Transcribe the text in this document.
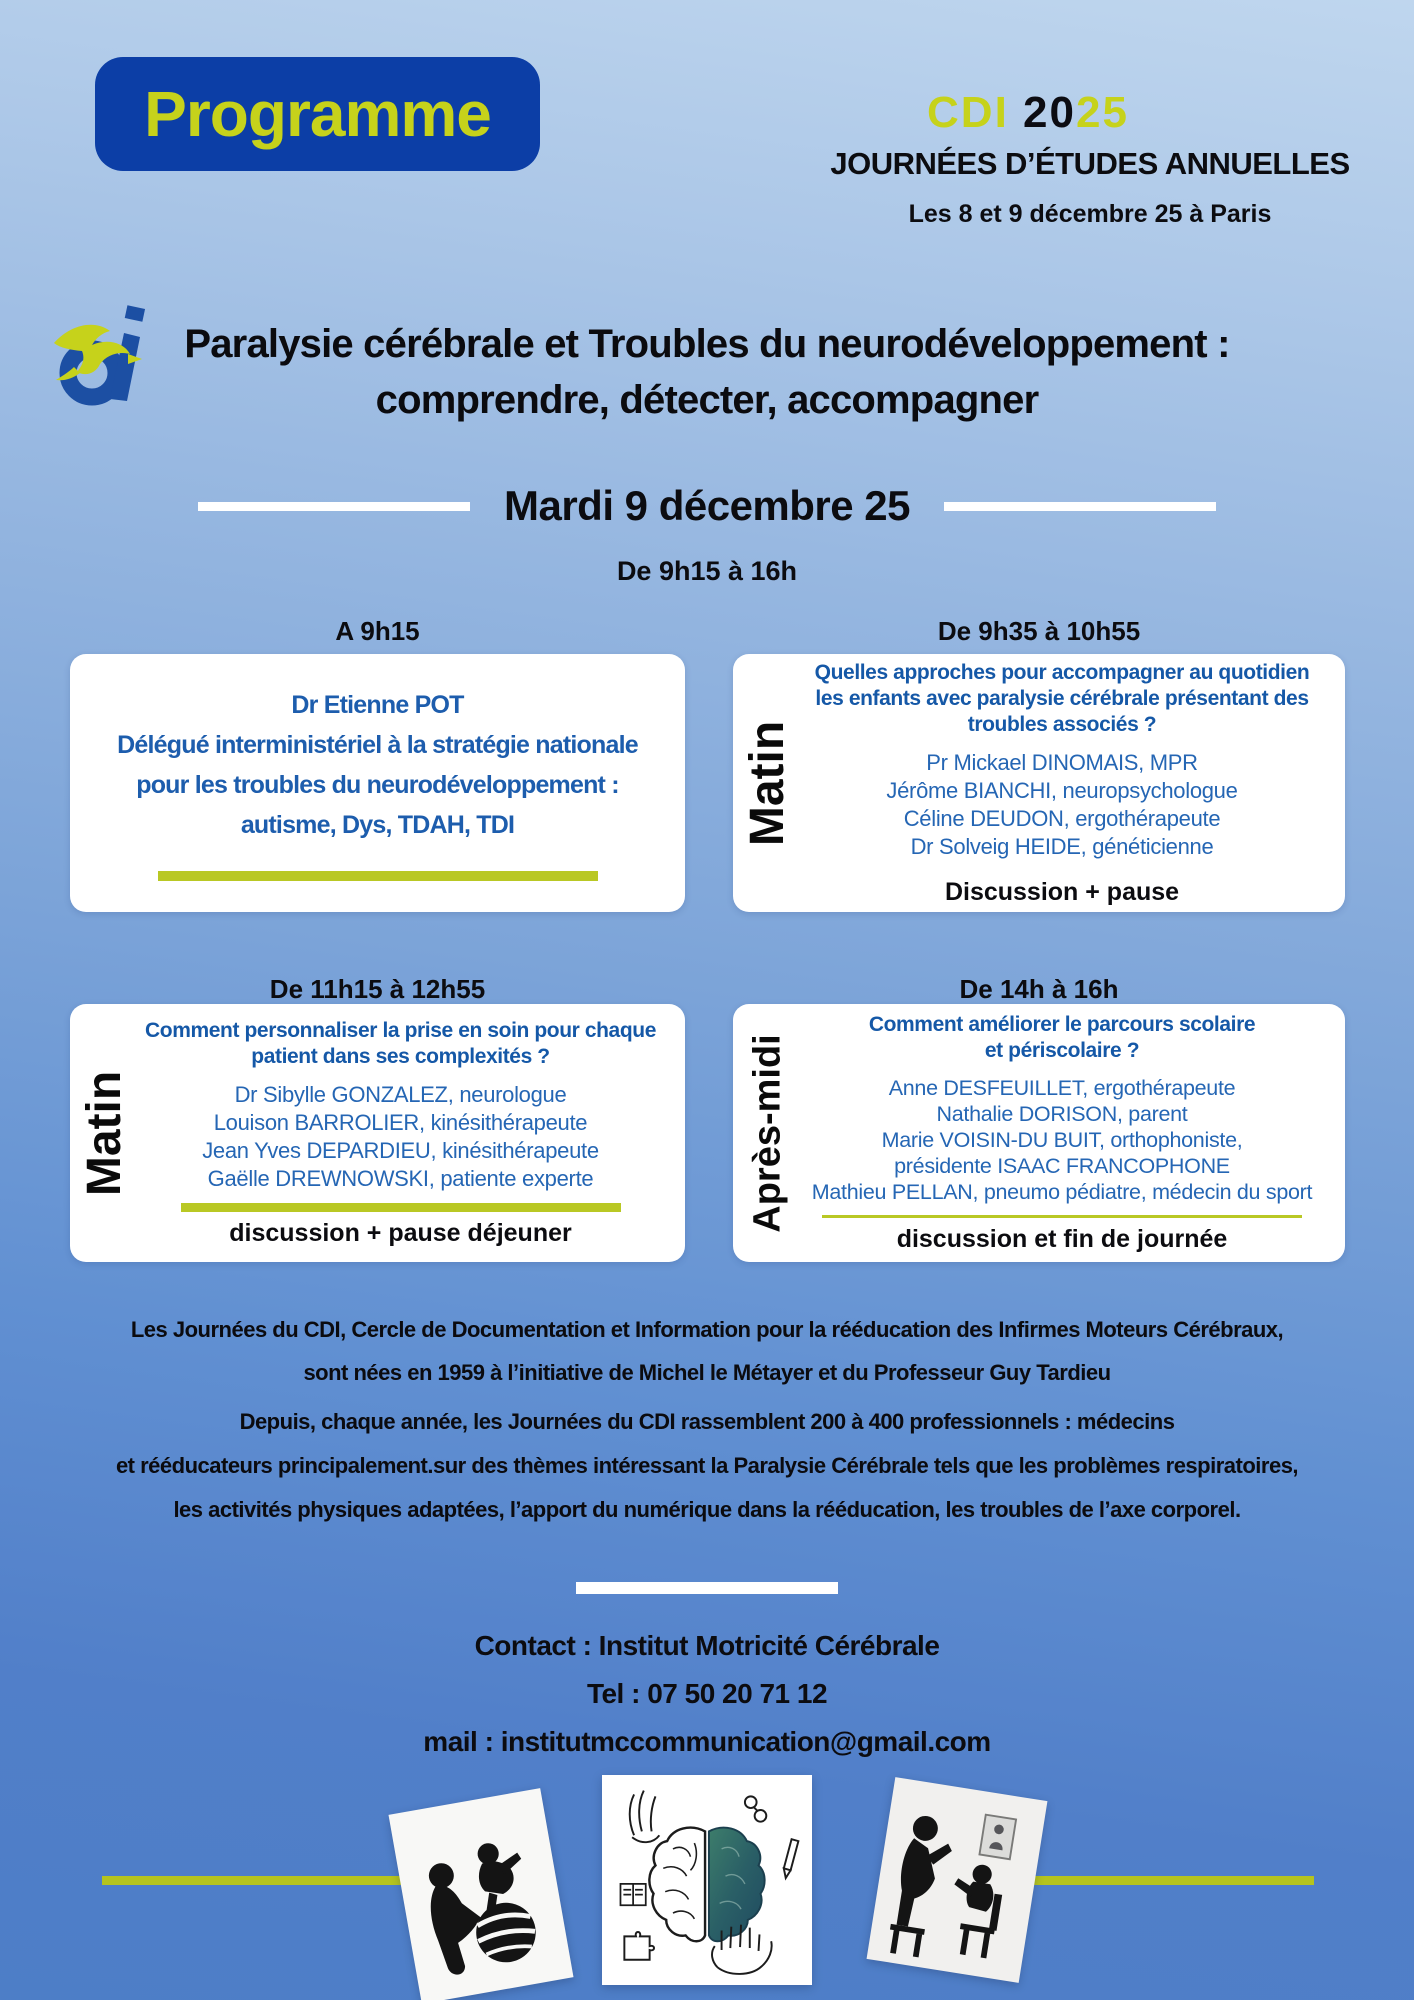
Programme	CDI 2025
JOURNÉES D’ÉTUDES ANNUELLES
Les 8 et 9 décembre 25 à Paris
Paralysie cérébrale et Troubles du neurodéveloppement :
comprendre, détecter, accompagner
Mardi 9 décembre 25
De 9h15 à 16h
A 9h15	De 9h35 à 10h55
De 11h15 à 12h55	De 14h à 16h
Dr Etienne POT
Délégué interministériel à la stratégie nationale
pour les troubles du neurodéveloppement :
autisme, Dys, TDAH, TDI	Matin
Quelles approches pour accompagner au quotidien
les enfants avec paralysie cérébrale présentant des
troubles associés ?
Pr Mickael DINOMAIS, MPR
Jérôme BIANCHI, neuropsychologue
Céline DEUDON, ergothérapeute
Dr Solveig HEIDE, généticienne
Discussion + pause
Matin
Comment personnaliser la prise en soin pour chaque
patient dans ses complexités ?
Dr Sibylle GONZALEZ, neurologue
Louison BARROLIER, kinésithérapeute
Jean Yves DEPARDIEU, kinésithérapeute
Gaëlle DREWNOWSKI, patiente experte
discussion + pause déjeuner
Après-midi
Comment améliorer le parcours scolaire
et périscolaire ?
Anne DESFEUILLET, ergothérapeute
Nathalie DORISON, parent
Marie VOISIN-DU BUIT, orthophoniste,
présidente ISAAC FRANCOPHONE
Mathieu PELLAN, pneumo pédiatre, médecin du sport
discussion et fin de journée
Les Journées du CDI, Cercle de Documentation et Information pour la rééducation des Infirmes Moteurs Cérébraux,
sont nées en 1959 à l’initiative de Michel le Métayer et du Professeur Guy Tardieu
Depuis, chaque année, les Journées du CDI rassemblent 200 à 400 professionnels : médecins
et rééducateurs principalement.sur des thèmes intéressant la Paralysie Cérébrale tels que les problèmes respiratoires,
les activités physiques adaptées, l’apport du numérique dans la rééducation, les troubles de l’axe corporel.
Contact : Institut Motricité Cérébrale
Tel : 07 50 20 71 12
mail : institutmccommunication@gmail.com
